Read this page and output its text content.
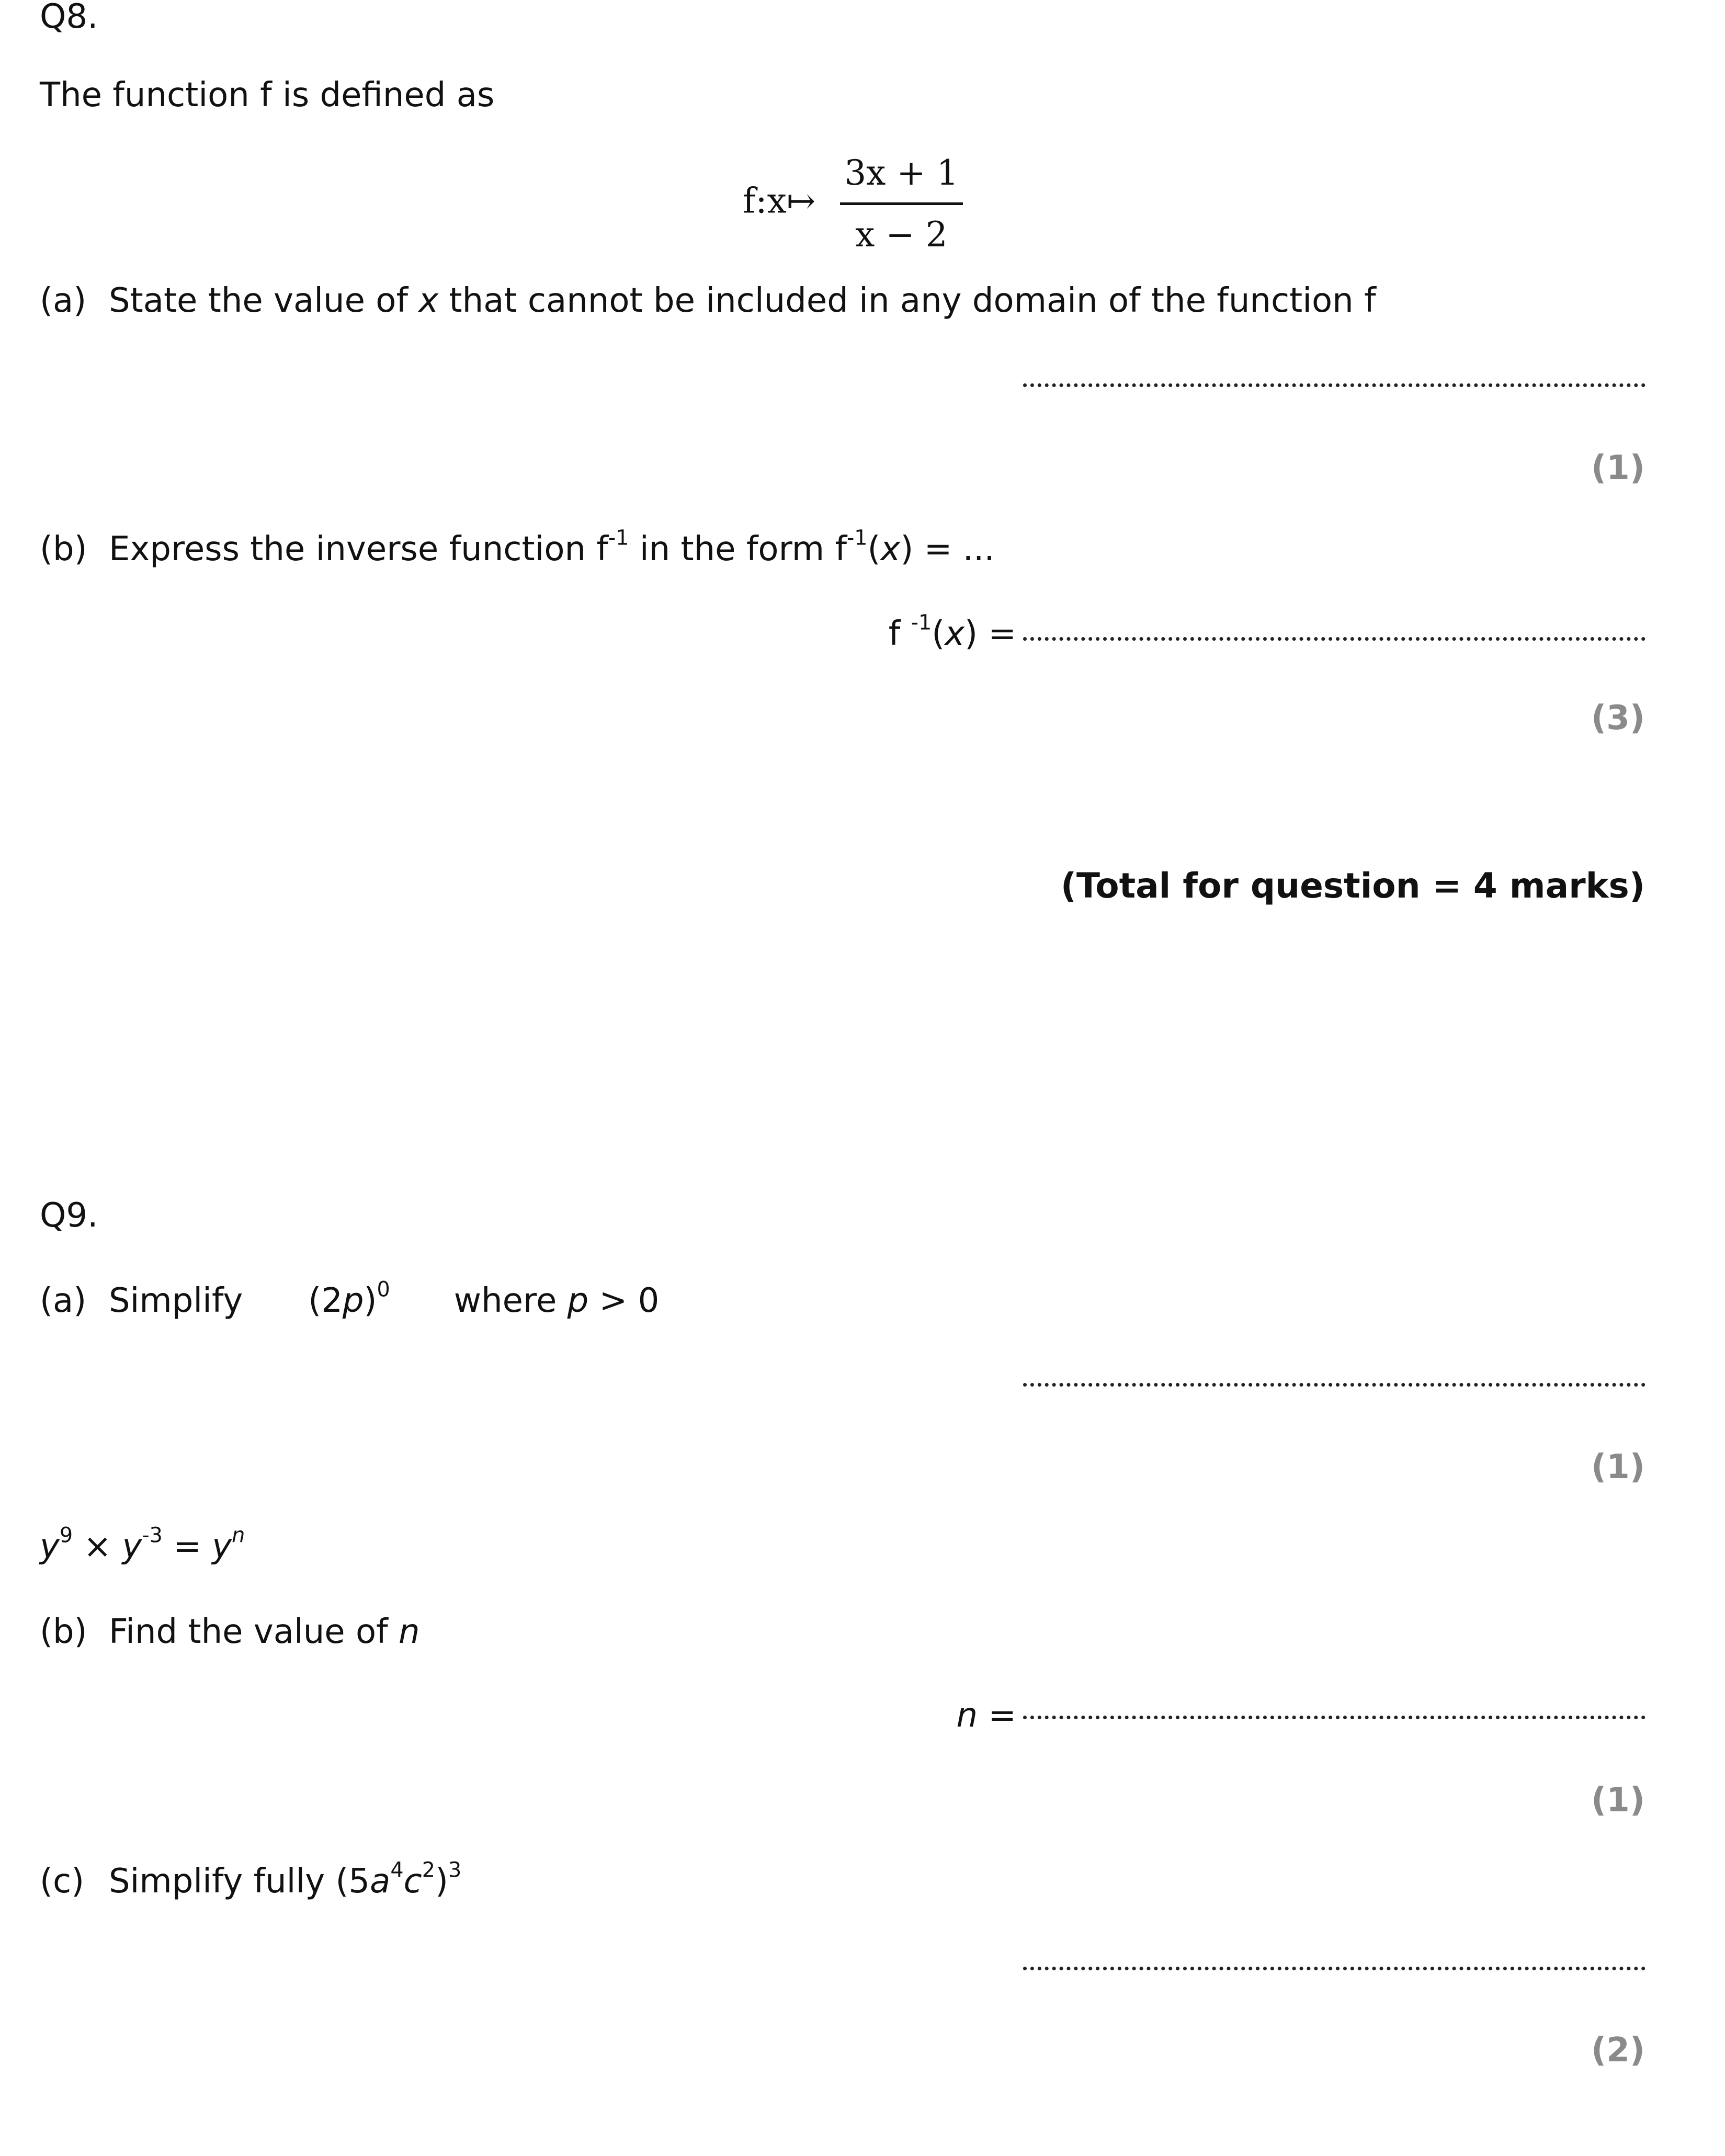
Q8.
The function f is defined as
f:x↦ $\frac{3x + 1}{x - 2}$
(a) State the value of x that cannot be included in any domain of the function f
(1)
(b) Express the inverse function $f^{-1}$ in the form $f^{-1}(x)$ = ...
f $^{-1}$(x) =
(3)
(Total for question = 4 marks)
Q9.
(a) Simplify $(2p)^0$ where p > 0
(1)
$y^9 \times y^{-3} = y^n$
(b) Find the value of n
n =
(1)
(c) Simplify fully $(5a^4c^2)^3$
(2)
